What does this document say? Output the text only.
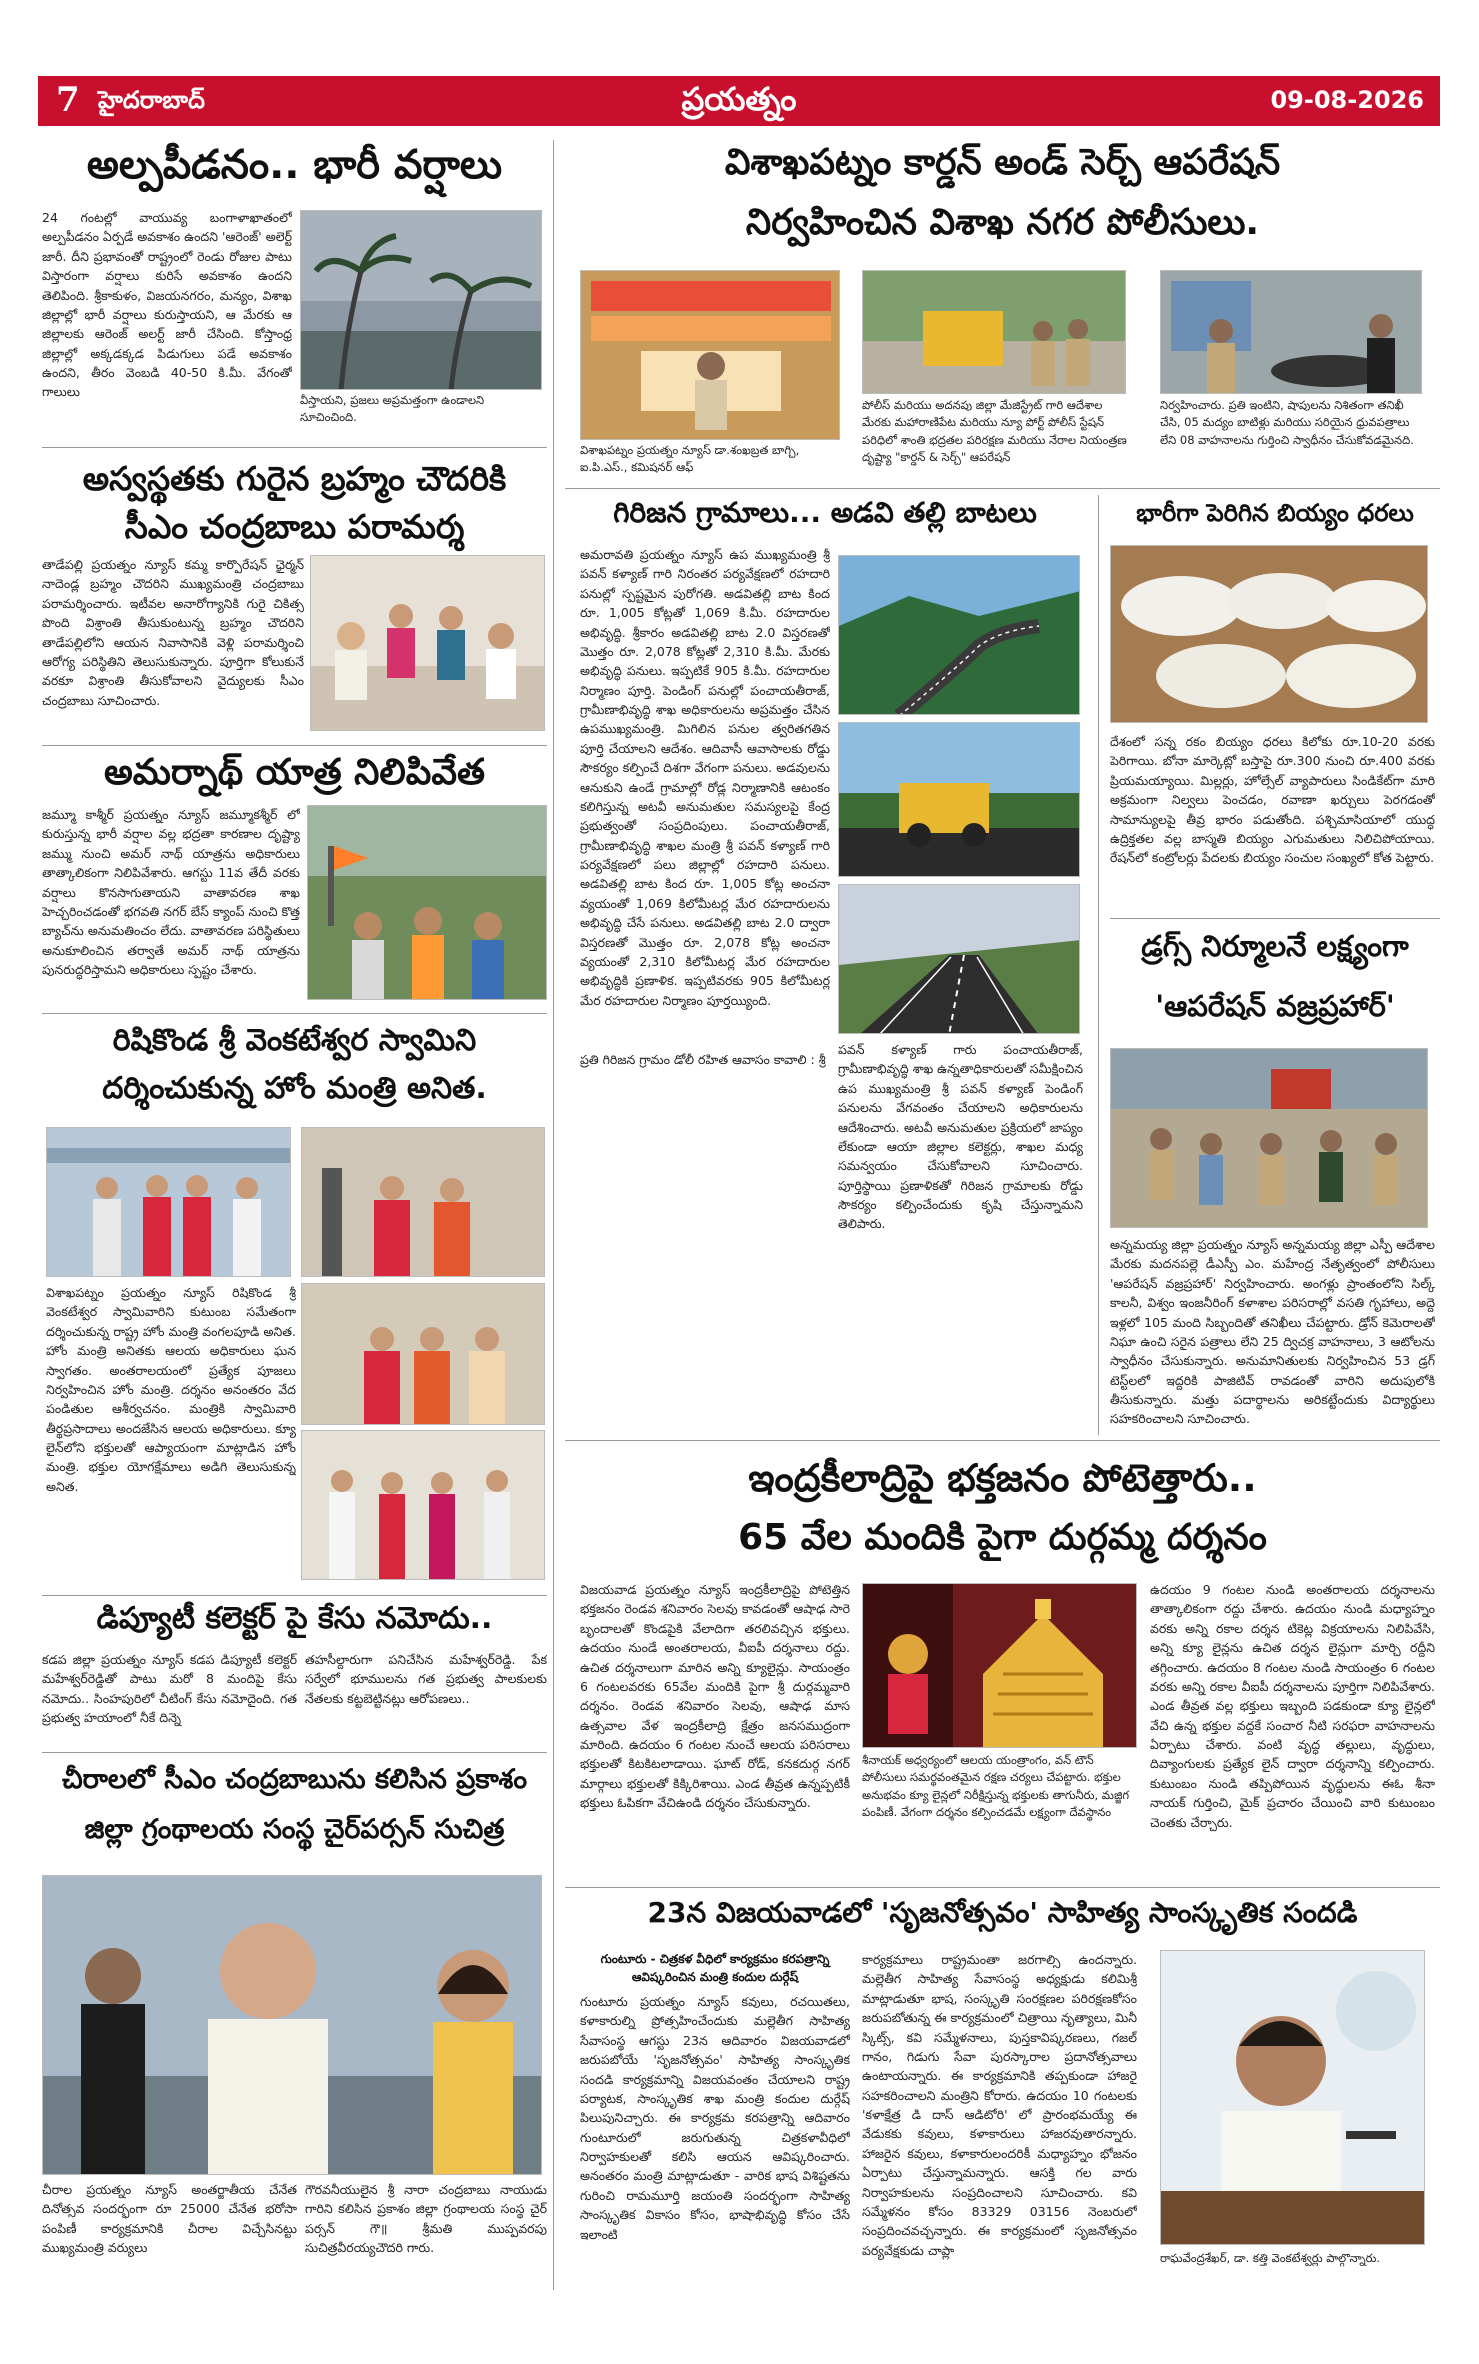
7 హైదరాబాద్	ప్రయత్నం	09-08-2026
అల్పపీడనం.. భారీ వర్షాలు
24 గంటల్లో వాయువ్య బంగాళాఖాతంలో అల్పపీడనం ఏర్పడే అవకాశం ఉందని 'ఆరెంజ్‌' అలెర్ట్‌ జారీ. దీని ప్రభావంతో రాష్ట్రంలో రెండు రోజుల పాటు విస్తారంగా వర్షాలు కురిసే అవకాశం ఉందని తెలిపింది. శ్రీకాకుళం, విజయనగరం, మన్యం, విశాఖ జిల్లాల్లో భారీ వర్షాలు కురుస్తాయని, ఆ మేరకు ఆ జిల్లాలకు ఆరెంజ్‌ అలర్ట్‌ జారీ చేసింది. కోస్తాంధ్ర జిల్లాల్లో అక్కడక్కడ పిడుగులు పడే అవకాశం ఉందని, తీరం వెంబడి 40-50 కి.మీ. వేగంతో గాలులు
వీస్తాయని, ప్రజలు అప్రమత్తంగా ఉండాలని సూచించింది.
అస్వస్థతకు గురైన బ్రహ్మం చౌదరికి
సీఎం చంద్రబాబు పరామర్శ
తాడేపల్లి ప్రయత్నం న్యూస్ కమ్మ కార్పొరేషన్ ఛైర్మన్ నాదెండ్ల బ్రహ్మం చౌదరిని ముఖ్యమంత్రి చంద్రబాబు పరామర్శించారు. ఇటీవల అనారోగ్యానికి గురై చికిత్స పొంది విశ్రాంతి తీసుకుంటున్న బ్రహ్మం చౌదరిని తాడేపల్లిలోని ఆయన నివాసానికి వెళ్లి పరామర్శించి ఆరోగ్య పరిస్థితిని తెలుసుకున్నారు. పూర్తిగా కోలుకునే వరకూ విశ్రాంతి తీసుకోవాలని వైద్యులకు సీఎం చంద్రబాబు సూచించారు.
అమర్నాథ్ యాత్ర నిలిపివేత
జమ్మూ కాశ్మీర్ ప్రయత్నం న్యూస్ జమ్మూకశ్మీర్ లో కురుస్తున్న భారీ వర్షాల వల్ల భద్రతా కారణాల దృష్ట్యా జమ్ము నుంచి అమర్ నాథ్ యాత్రను అధికారులు తాత్కాలికంగా నిలిపివేశారు. ఆగస్టు 11వ తేదీ వరకు వర్షాలు కొనసాగుతాయని వాతావరణ శాఖ హెచ్చరించడంతో భగవతి నగర్ బేస్ క్యాంప్ నుంచి కొత్త బ్యాచ్‌ను అనుమతించం లేదు. వాతావరణ పరిస్థితులు అనుకూలించిన తర్వాతే అమర్ నాథ్ యాత్రను పునరుద్ధరిస్తామని అధికారులు స్పష్టం చేశారు.
రిషికొండ శ్రీ వెంకటేశ్వర స్వామిని
దర్శించుకున్న హోం మంత్రి అనిత.
విశాఖపట్నం ప్రయత్నం న్యూస్ రిషికొండ శ్రీ వెంకటేశ్వర స్వామివారిని కుటుంబ సమేతంగా దర్శించుకున్న రాష్ట్ర హోం మంత్రి వంగలపూడి అనిత. హోం మంత్రి అనితకు ఆలయ అధికారులు ఘన స్వాగతం. అంతరాలయంలో ప్రత్యేక పూజలు నిర్వహించిన హోం మంత్రి. దర్శనం అనంతరం వేద పండితుల ఆశీర్వచనం. మంత్రికి స్వామివారి తీర్థప్రసాదాలు అందజేసిన ఆలయ అధికారులు. క్యూ లైన్‌లోని భక్తులతో ఆప్యాయంగా మాట్లాడిన హోం మంత్రి. భక్తుల యోగక్షేమాలు అడిగి తెలుసుకున్న అనిత.
డిప్యూటీ కలెక్టర్ పై కేసు నమోదు..
కడప జిల్లా ప్రయత్నం న్యూస్ కడప డిప్యూటీ కలెక్టర్ మహేశ్వర్‌రెడ్డి‌తో పాటు మరో 8 మందిపై కేసు నమోదు.. సింహపురిలో చీటింగ్ కేసు నమోదైంది. గత ప్రభుత్వ హయాంలో నీకే దిన్నె
తహసీల్దారుగా పనిచేసిన మహేశ్వర్‌రెడ్డి. పేక సర్వే‌లో భూములను గత ప్రభుత్వ పాలకులకు నేతలకు కట్టబెట్టినట్లు ఆరోపణలు..
చీరాలలో సీఎం చంద్రబాబును కలిసిన ప్రకాశం
జిల్లా గ్రంథాలయ సంస్థ చైర్‌పర్సన్ సుచిత్ర
చీరాల ప్రయత్నం న్యూస్ అంతర్జాతీయ చేనేత దినోత్సవ సందర్భంగా రూ 25000 చేనేత భరోసా పంపిణీ కార్యక్రమానికి చీరాల విచ్చేసినట్టు ముఖ్యమంత్రి వర్యులు
గౌరవనీయులైన శ్రీ నారా చంద్రబాబు నాయుడు గారిని కలిసిన ప్రకాశం జిల్లా గ్రంథాలయ సంస్థ చైర్ పర్సన్ గౌ॥ శ్రీమతి ముప్పవరపు సుచిత్రవీరయ్యచౌదరి గారు.
విశాఖపట్నం కార్డన్ అండ్ సెర్చ్ ఆపరేషన్
నిర్వహించిన విశాఖ నగర పోలీసులు.
విశాఖపట్నం ప్రయత్నం న్యూస్ డా.శంఖబ్రత బాగ్చి, ఐ.పి.ఎస్., కమిషనర్ ఆఫ్
పోలీస్ మరియు అదనపు జిల్లా మేజిస్ట్రేట్ గారి ఆదేశాల మేరకు మహారాణిపేట మరియు న్యూ పోర్ట్ పోలీస్ స్టేషన్ పరిధిలో శాంతి భద్రతల పరిరక్షణ మరియు నేరాల నియంత్రణ దృష్ట్యా "కార్డన్ & సెర్చ్" ఆపరేషన్
నిర్వహించారు. ప్రతి ఇంటిని, షాపులను నిశితంగా తనిఖీ చేసి, 05 మద్యం బాటిళ్లు మరియు సరియైన ధ్రువపత్రాలు లేని 08 వాహనాలను గుర్తించి స్వాధీనం చేసుకోవడమైనది.
గిరిజన గ్రామాలు... అడవి తల్లి బాటలు
అమరావతి ప్రయత్నం న్యూస్ ఉప ముఖ్యమంత్రి శ్రీ పవన్ కళ్యాణ్ గారి నిరంతర పర్యవేక్షణలో రహదారి పనుల్లో స్పష్టమైన పురోగతి. అడవితల్లి బాట కింద రూ. 1,005 కోట్లతో 1,069 కి.మీ. రహదారుల అభివృద్ధి. శ్రీకారం అడవితల్లి బాట 2.0 విస్తరణతో మొత్తం రూ. 2,078 కోట్లతో 2,310 కి.మీ. మేరకు అభివృద్ధి పనులు. ఇప్పటికే 905 కి.మీ. రహదారుల నిర్మాణం పూర్తి. పెండింగ్ పనుల్లో పంచాయతీరాజ్, గ్రామీణాభివృద్ధి శాఖ అధికారులను అప్రమత్తం చేసిన ఉపముఖ్యమంత్రి. మిగిలిన పనుల త్వరితగతిన పూర్తి చేయాలని ఆదేశం. ఆదివాసీ ఆవాసాలకు రోడ్డు సౌకర్యం కల్పించే దిశగా వేగంగా పనులు. అడవులను ఆనుకుని ఉండే గ్రామాల్లో రోడ్ల నిర్మాణానికి ఆటంకం కలిగిస్తున్న అటవీ అనుమతుల సమస్యలపై కేంద్ర ప్రభుత్వంతో సంప్రదింపులు. పంచాయతీరాజ్, గ్రామీణాభివృద్ధి శాఖల మంత్రి శ్రీ పవన్ కళ్యాణ్ గారి పర్యవేక్షణలో పలు జిల్లాల్లో రహదారి పనులు. అడవితల్లి బాట కింద రూ. 1,005 కోట్ల అంచనా వ్యయంతో 1,069 కిలోమీటర్ల మేర రహదారులను అభివృద్ధి చేసే పనులు. అడవితల్లి బాట 2.0 ద్వారా విస్తరణతో మొత్తం రూ. 2,078 కోట్ల అంచనా వ్యయంతో 2,310 కిలోమీటర్ల మేర రహదారుల అభివృద్ధికి ప్రణాళిక. ఇప్పటివరకు 905 కిలోమీటర్ల మేర రహదారుల నిర్మాణం పూర్తయ్యింది.
పవన్ కళ్యాణ్ గారు పంచాయతీరాజ్, గ్రామీణాభివృద్ధి శాఖ ఉన్నతాధికారులతో సమీక్షించిన ఉప ముఖ్యమంత్రి శ్రీ పవన్ కళ్యాణ్ పెండింగ్ పనులను వేగవంతం చేయాలని అధికారులను ఆదేశించారు. అటవీ అనుమతుల ప్రక్రియలో జాప్యం లేకుండా ఆయా జిల్లాల కలెక్టర్లు, శాఖల మధ్య సమన్వయం చేసుకోవాలని సూచించారు. పూర్తిస్థాయి ప్రణాళికతో గిరిజన గ్రామాలకు రోడ్డు సౌకర్యం కల్పించేందుకు కృషి చేస్తున్నామని తెలిపారు.
ప్రతి గిరిజన గ్రామం డోలీ రహిత ఆవాసం కావాలి : శ్రీ
భారీగా పెరిగిన బియ్యం ధరలు
దేశంలో సన్న రకం బియ్యం ధరలు కిలోకు రూ.10-20 వరకు పెరిగాయి. బోనా మార్కెట్లో బస్తాపై రూ.300 నుంచి రూ.400 వరకు ప్రియమయ్యాయి. మిల్లర్లు, హోల్సేల్ వ్యాపారులు సిండికేట్‌గా మారి అక్రమంగా నిల్వలు పెంచడం, రవాణా ఖర్చులు పెరగడంతో సామాన్యులపై తీవ్ర భారం పడుతోంది. పశ్చిమాసియాలో యుద్ధ ఉద్రిక్తతల వల్ల బాస్మతి బియ్యం ఎగుమతులు నిలిచిపోయాయి. రేషన్‌లో కంట్రోలర్లు పేదలకు బియ్యం సంచుల సంఖ్యలో కోత పెట్టారు.
డ్రగ్స్ నిర్మూలనే లక్ష్యంగా
'ఆపరేషన్ వజ్రప్రహార్'
అన్నమయ్య జిల్లా ప్రయత్నం న్యూస్ అన్నమయ్య జిల్లా ఎస్పీ ఆదేశాల మేరకు మదనపల్లె డీఎస్పీ ఎం. మహేంద్ర నేతృత్వంలో పోలీసులు 'ఆపరేషన్ వజ్రప్రహార్' నిర్వహించారు. అంగళ్లు ప్రాంతంలోని సిల్క్ కాలనీ, విశ్వం ఇంజనీరింగ్ కళాశాల పరిసరాల్లో వసతి గృహాలు, అద్దె ఇళ్లలో 105 మంది సిబ్బందితో తనిఖీలు చేపట్టారు. డ్రోన్ కెమెరాలతో నిఘా ఉంచి సరైన పత్రాలు లేని 25 ద్విచక్ర వాహనాలు, 3 ఆటోలను స్వాధీనం చేసుకున్నారు. అనుమానితులకు నిర్వహించిన 53 డ్రగ్ టెస్ట్‌లలో ఇద్దరికి పాజిటివ్ రావడంతో వారిని అదుపులోకి తీసుకున్నారు. మత్తు పదార్థాలను అరికట్టేందుకు విద్యార్థులు సహకరించాలని సూచించారు.
ఇంద్రకీలాద్రిపై భక్తజనం పోటెత్తారు..
65 వేల మందికి పైగా దుర్గమ్మ దర్శనం
విజయవాడ ప్రయత్నం న్యూస్ ఇంద్రకీలాద్రిపై పోటెత్తిన భక్తజనం రెండవ శనివారం సెలవు కావడంతో ఆషాఢ సారె బృందాలతో కొండపైకి వేలాదిగా తరలివచ్చిన భక్తులు. ఉదయం నుండే అంతరాలయ, వీఐపీ దర్శనాలు రద్దు. ఉచిత దర్శనాలుగా మారిన అన్ని క్యూలైన్లు. సాయంత్రం 6 గంటలవరకు 65వేల మందికి పైగా శ్రీ దుర్గమ్మవారి దర్శనం. రెండవ శనివారం సెలవు, ఆషాఢ మాస ఉత్సవాల వేళ ఇంద్రకీలాద్రి క్షేత్రం జనసముద్రంగా మారింది. ఉదయం 6 గంటల నుంచే ఆలయ పరిసరాలు భక్తులతో కిటకిటలాడాయి. ఘాట్ రోడ్, కనకదుర్గ నగర్ మార్గాలు భక్తులతో కిక్కిరిశాయి. ఎండ తీవ్రత ఉన్నప్పటికీ భక్తులు ఓపికగా వేచిఉండి దర్శనం చేసుకున్నారు.
శీనాయక్ అధ్వర్యంలో ఆలయ యంత్రాంగం, వన్ టౌన్ పోలీసులు సమర్థవంతమైన రక్షణ చర్యలు చేపట్టారు. భక్తుల అనుభవం క్యూ లైన్లలో నిరీక్షిస్తున్న భక్తులకు తాగునీరు, మజ్జిగ పంపిణీ. వేగంగా దర్శనం కల్పించడమే లక్ష్యంగా దేవస్థానం
ఉదయం 9 గంటల నుండి అంతరాలయ దర్శనాలను తాత్కాలికంగా రద్దు చేశారు. ఉదయం నుండి మధ్యాహ్నం వరకు అన్ని రకాల దర్శన టికెట్ల విక్రయాలను నిలిపివేసి, అన్ని క్యూ లైన్లను ఉచిత దర్శన లైన్లుగా మార్చి రద్దీని తగ్గించారు. ఉదయం 8 గంటల నుండి సాయంత్రం 6 గంటల వరకు అన్ని రకాల వీఐపీ దర్శనాలను పూర్తిగా నిలిపివేశారు. ఎండ తీవ్రత వల్ల భక్తులు ఇబ్బంది పడకుండా క్యూ లైన్లలో వేచి ఉన్న భక్తుల వద్దకే సంచార నీటి సరఫరా వాహనాలను ఏర్పాటు చేశారు. వంటి వృద్ధ తల్లులు, వృద్ధులు, దివ్యాంగులకు ప్రత్యేక లైన్ ద్వారా దర్శనాన్ని కల్పించారు. కుటుంబం నుండి తప్పిపోయిన వృద్ధులను ఈఓ శీనా నాయక్ గుర్తించి, మైక్ ప్రచారం చేయించి వారి కుటుంబం చెంతకు చేర్చారు.
23న విజయవాడలో 'సృజనోత్సవం' సాహిత్య సాంస్కృతిక సందడి
గుంటూరు - చిత్రకళ వీధిలో కార్యక్రమం కరపత్రాన్ని ఆవిష్కరించిన మంత్రి కందుల దుర్గేష్
గుంటూరు ప్రయత్నం న్యూస్ కవులు, రచయితలు, కళాకారుల్ని ప్రోత్సహించేందుకు మల్లెతీగ సాహిత్య సేవాసంస్థ ఆగస్టు 23న ఆదివారం విజయవాడలో జరుపబోయే 'సృజనోత్సవం' సాహిత్య సాంస్కృతిక సందడి కార్యక్రమాన్ని విజయవంతం చేయాలని రాష్ట్ర పర్యాటక, సాంస్కృతిక శాఖ మంత్రి కందుల దుర్గేష్ పిలుపునిచ్చారు. ఈ కార్యక్రమ కరపత్రాన్ని ఆదివారం గుంటూరులో జరుగుతున్న చిత్రకళావీధిలో నిర్వాహకులతో కలిసి ఆయన ఆవిష్కరించారు. అనంతరం మంత్రి మాట్లాడుతూ - వారిక భాష విశిష్టతను గురించి రామమూర్తి జయంతి సందర్భంగా సాహిత్య సాంస్కృతిక వికాసం కోసం, భాషాభివృద్ధి కోసం చేసే ఇలాంటి
కార్యక్రమాలు రాష్ట్రమంతా జరగాల్సి ఉందన్నారు. మల్లెతీగ సాహిత్య సేవాసంస్థ అధ్యక్షుడు కలిమిశ్రీ మాట్లాడుతూ భాష, సంస్కృతి సంరక్షణల పరిరక్షణకోసం జరుపబోతున్న ఈ కార్యక్రమంలో చిత్రాయి నృత్యాలు, మినీ స్కిట్స్, కవి సమ్మేళనాలు, పుస్తకావిష్కరణలు, గజల్ గానం, గిడుగు సేవా పురస్కారాల ప్రదానోత్సవాలు ఉంటాయన్నారు. ఈ కార్యక్రమానికి తప్పకుండా హాజరై సహకరించాలని మంత్రిని కోరారు. ఉదయం 10 గంటలకు 'కళాక్షేత్ర డి దాస్ ఆడిటోరి' లో ప్రారంభమయ్యే ఈ వేడుకకు కవులు, కళాకారులు హాజరవుతారన్నారు. హాజరైన కవులు, కళాకారులందరికీ మధ్యాహ్నం భోజనం ఏర్పాటు చేస్తున్నామన్నారు. ఆసక్తి గల వారు నిర్వాహకులను సంప్రదించాలని సూచించారు. కవి సమ్మేళనం కోసం 83329 03156 నెంబరులో సంప్రదించవచ్చన్నారు. ఈ కార్యక్రమంలో సృజనోత్సవం పర్యవేక్షకుడు చాప్లా
రాఘవేంద్రశేఖర్, డా. కత్తి వెంకటేశ్వర్లు పాల్గొన్నారు.
